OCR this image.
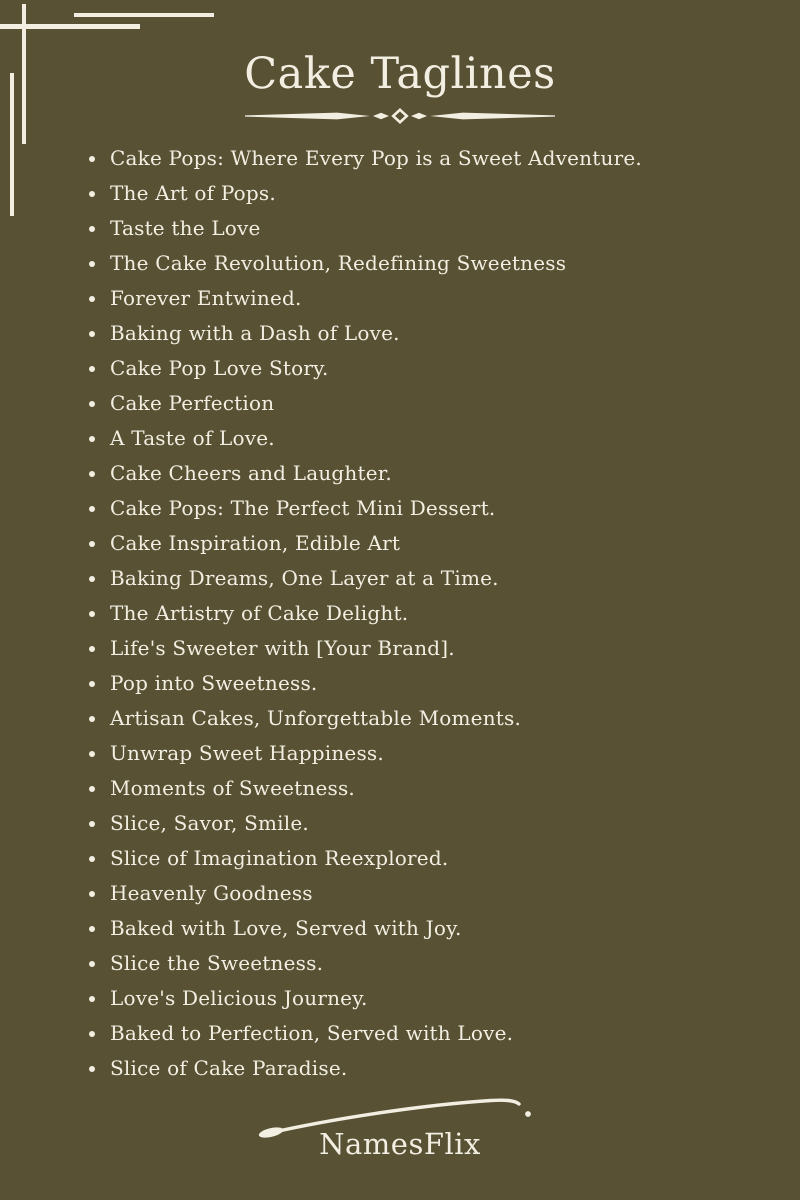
Cake Taglines
• Cake Pops: Where Every Pop is a Sweet Adventure.
• The Art of Pops.
• Taste the Love
• The Cake Revolution, Redefining Sweetness
• Forever Entwined.
• Baking with a Dash of Love.
• Cake Pop Love Story.
• Cake Perfection
• A Taste of Love.
• Cake Cheers and Laughter.
• Cake Pops: The Perfect Mini Dessert.
• Cake Inspiration, Edible Art
• Baking Dreams, One Layer at a Time.
• The Artistry of Cake Delight.
• Life's Sweeter with [Your Brand].
• Pop into Sweetness.
• Artisan Cakes, Unforgettable Moments.
• Unwrap Sweet Happiness.
• Moments of Sweetness.
• Slice, Savor, Smile.
• Slice of Imagination Reexplored.
• Heavenly Goodness
• Baked with Love, Served with Joy.
• Slice the Sweetness.
• Love's Delicious Journey.
• Baked to Perfection, Served with Love.
• Slice of Cake Paradise.

NamesFlix
